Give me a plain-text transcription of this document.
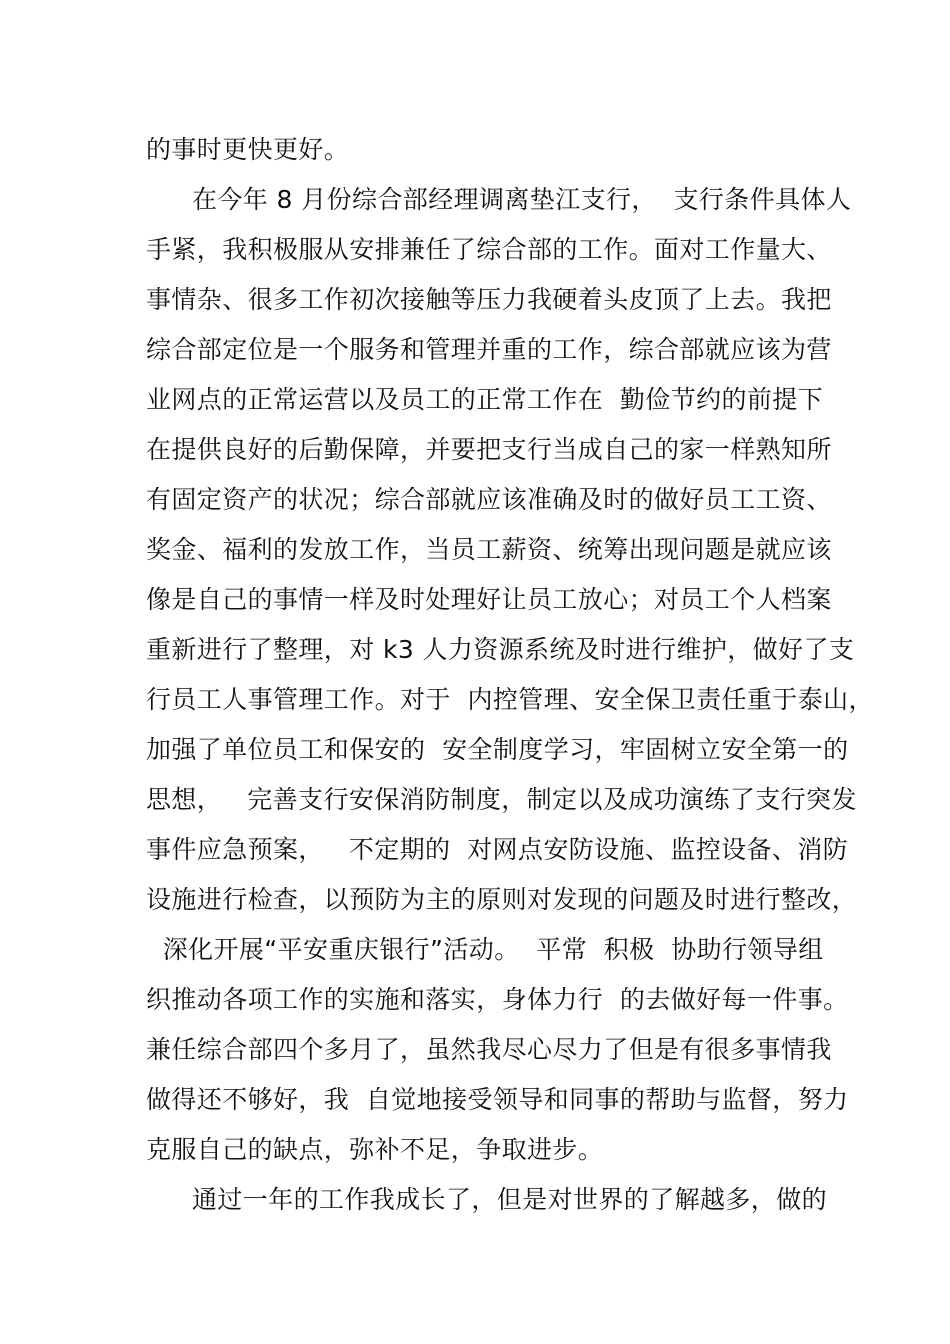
的事时更快更好。
在今年 8 月份综合部经理调离垫江支行，  支行条件具体人
手紧，我积极服从安排兼任了综合部的工作。面对工作量大、
事情杂、很多工作初次接触等压力我硬着头皮顶了上去。我把
综合部定位是一个服务和管理并重的工作，综合部就应该为营
业网点的正常运营以及员工的正常工作在  勤俭节约的前提下
在提供良好的后勤保障，并要把支行当成自己的家一样熟知所
有固定资产的状况；综合部就应该准确及时的做好员工工资、
奖金、福利的发放工作，当员工薪资、统筹出现问题是就应该
像是自己的事情一样及时处理好让员工放心；对员工个人档案
重新进行了整理，对 k3 人力资源系统及时进行维护，做好了支
行员工人事管理工作。对于  内控管理、安全保卫责任重于泰山，
加强了单位员工和保安的  安全制度学习，牢固树立安全第一的
思想，   完善支行安保消防制度，制定以及成功演练了支行突发
事件应急预案，   不定期的  对网点安防设施、监控设备、消防
设施进行检查，以预防为主的原则对发现的问题及时进行整改，
深化开展“平安重庆银行”活动。  平常  积极  协助行领导组
织推动各项工作的实施和落实，身体力行  的去做好每一件事。
兼任综合部四个多月了，虽然我尽心尽力了但是有很多事情我
做得还不够好，我  自觉地接受领导和同事的帮助与监督，努力
克服自己的缺点，弥补不足，争取进步。
通过一年的工作我成长了，但是对世界的了解越多，做的
